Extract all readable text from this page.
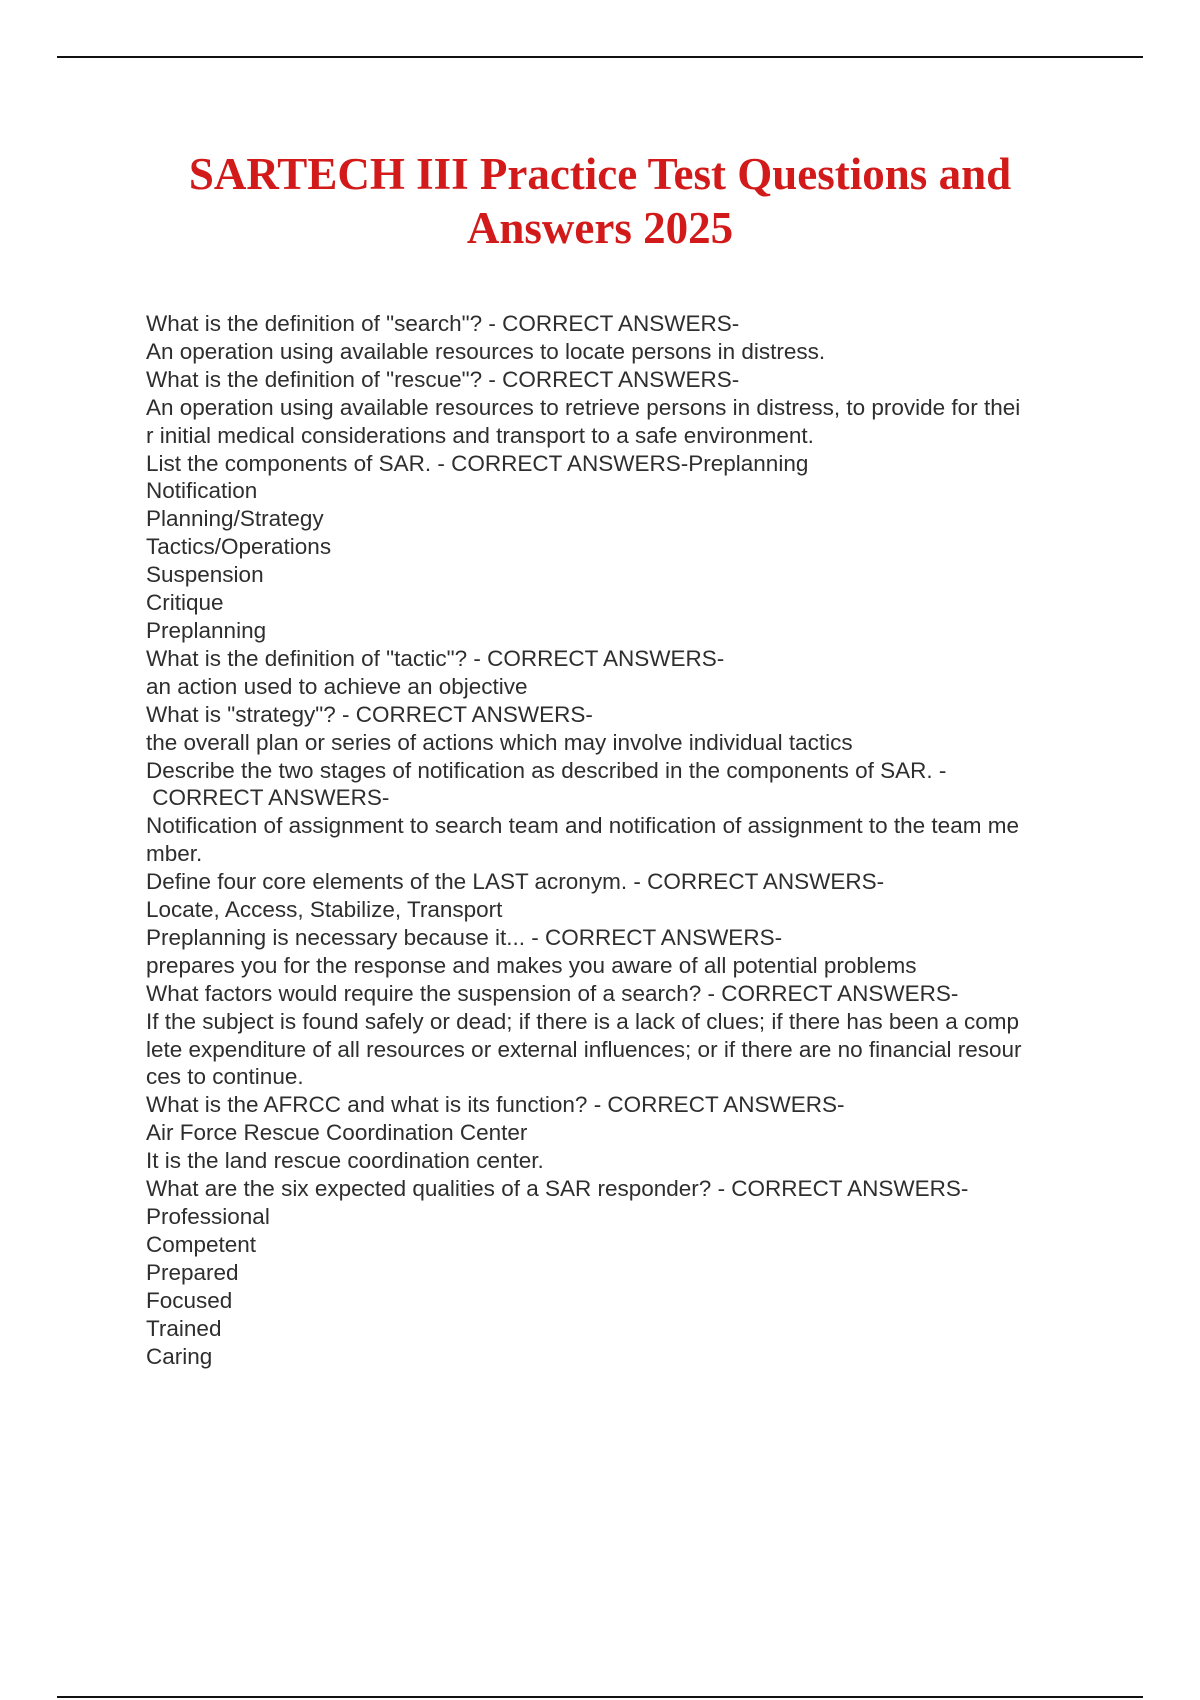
SARTECH III Practice Test Questions and
Answers 2025
What is the definition of "search"? - CORRECT ANSWERS-
An operation using available resources to locate persons in distress.
What is the definition of "rescue"? - CORRECT ANSWERS-
An operation using available resources to retrieve persons in distress, to provide for thei
r initial medical considerations and transport to a safe environment.
List the components of SAR. - CORRECT ANSWERS-Preplanning
Notification
Planning/Strategy
Tactics/Operations
Suspension
Critique
Preplanning
What is the definition of "tactic"? - CORRECT ANSWERS-
an action used to achieve an objective
What is "strategy"? - CORRECT ANSWERS-
the overall plan or series of actions which may involve individual tactics
Describe the two stages of notification as described in the components of SAR. -
CORRECT ANSWERS-
Notification of assignment to search team and notification of assignment to the team me
mber.
Define four core elements of the LAST acronym. - CORRECT ANSWERS-
Locate, Access, Stabilize, Transport
Preplanning is necessary because it... - CORRECT ANSWERS-
prepares you for the response and makes you aware of all potential problems
What factors would require the suspension of a search? - CORRECT ANSWERS-
If the subject is found safely or dead; if there is a lack of clues; if there has been a comp
lete expenditure of all resources or external influences; or if there are no financial resour
ces to continue.
What is the AFRCC and what is its function? - CORRECT ANSWERS-
Air Force Rescue Coordination Center
It is the land rescue coordination center.
What are the six expected qualities of a SAR responder? - CORRECT ANSWERS-
Professional
Competent
Prepared
Focused
Trained
Caring
